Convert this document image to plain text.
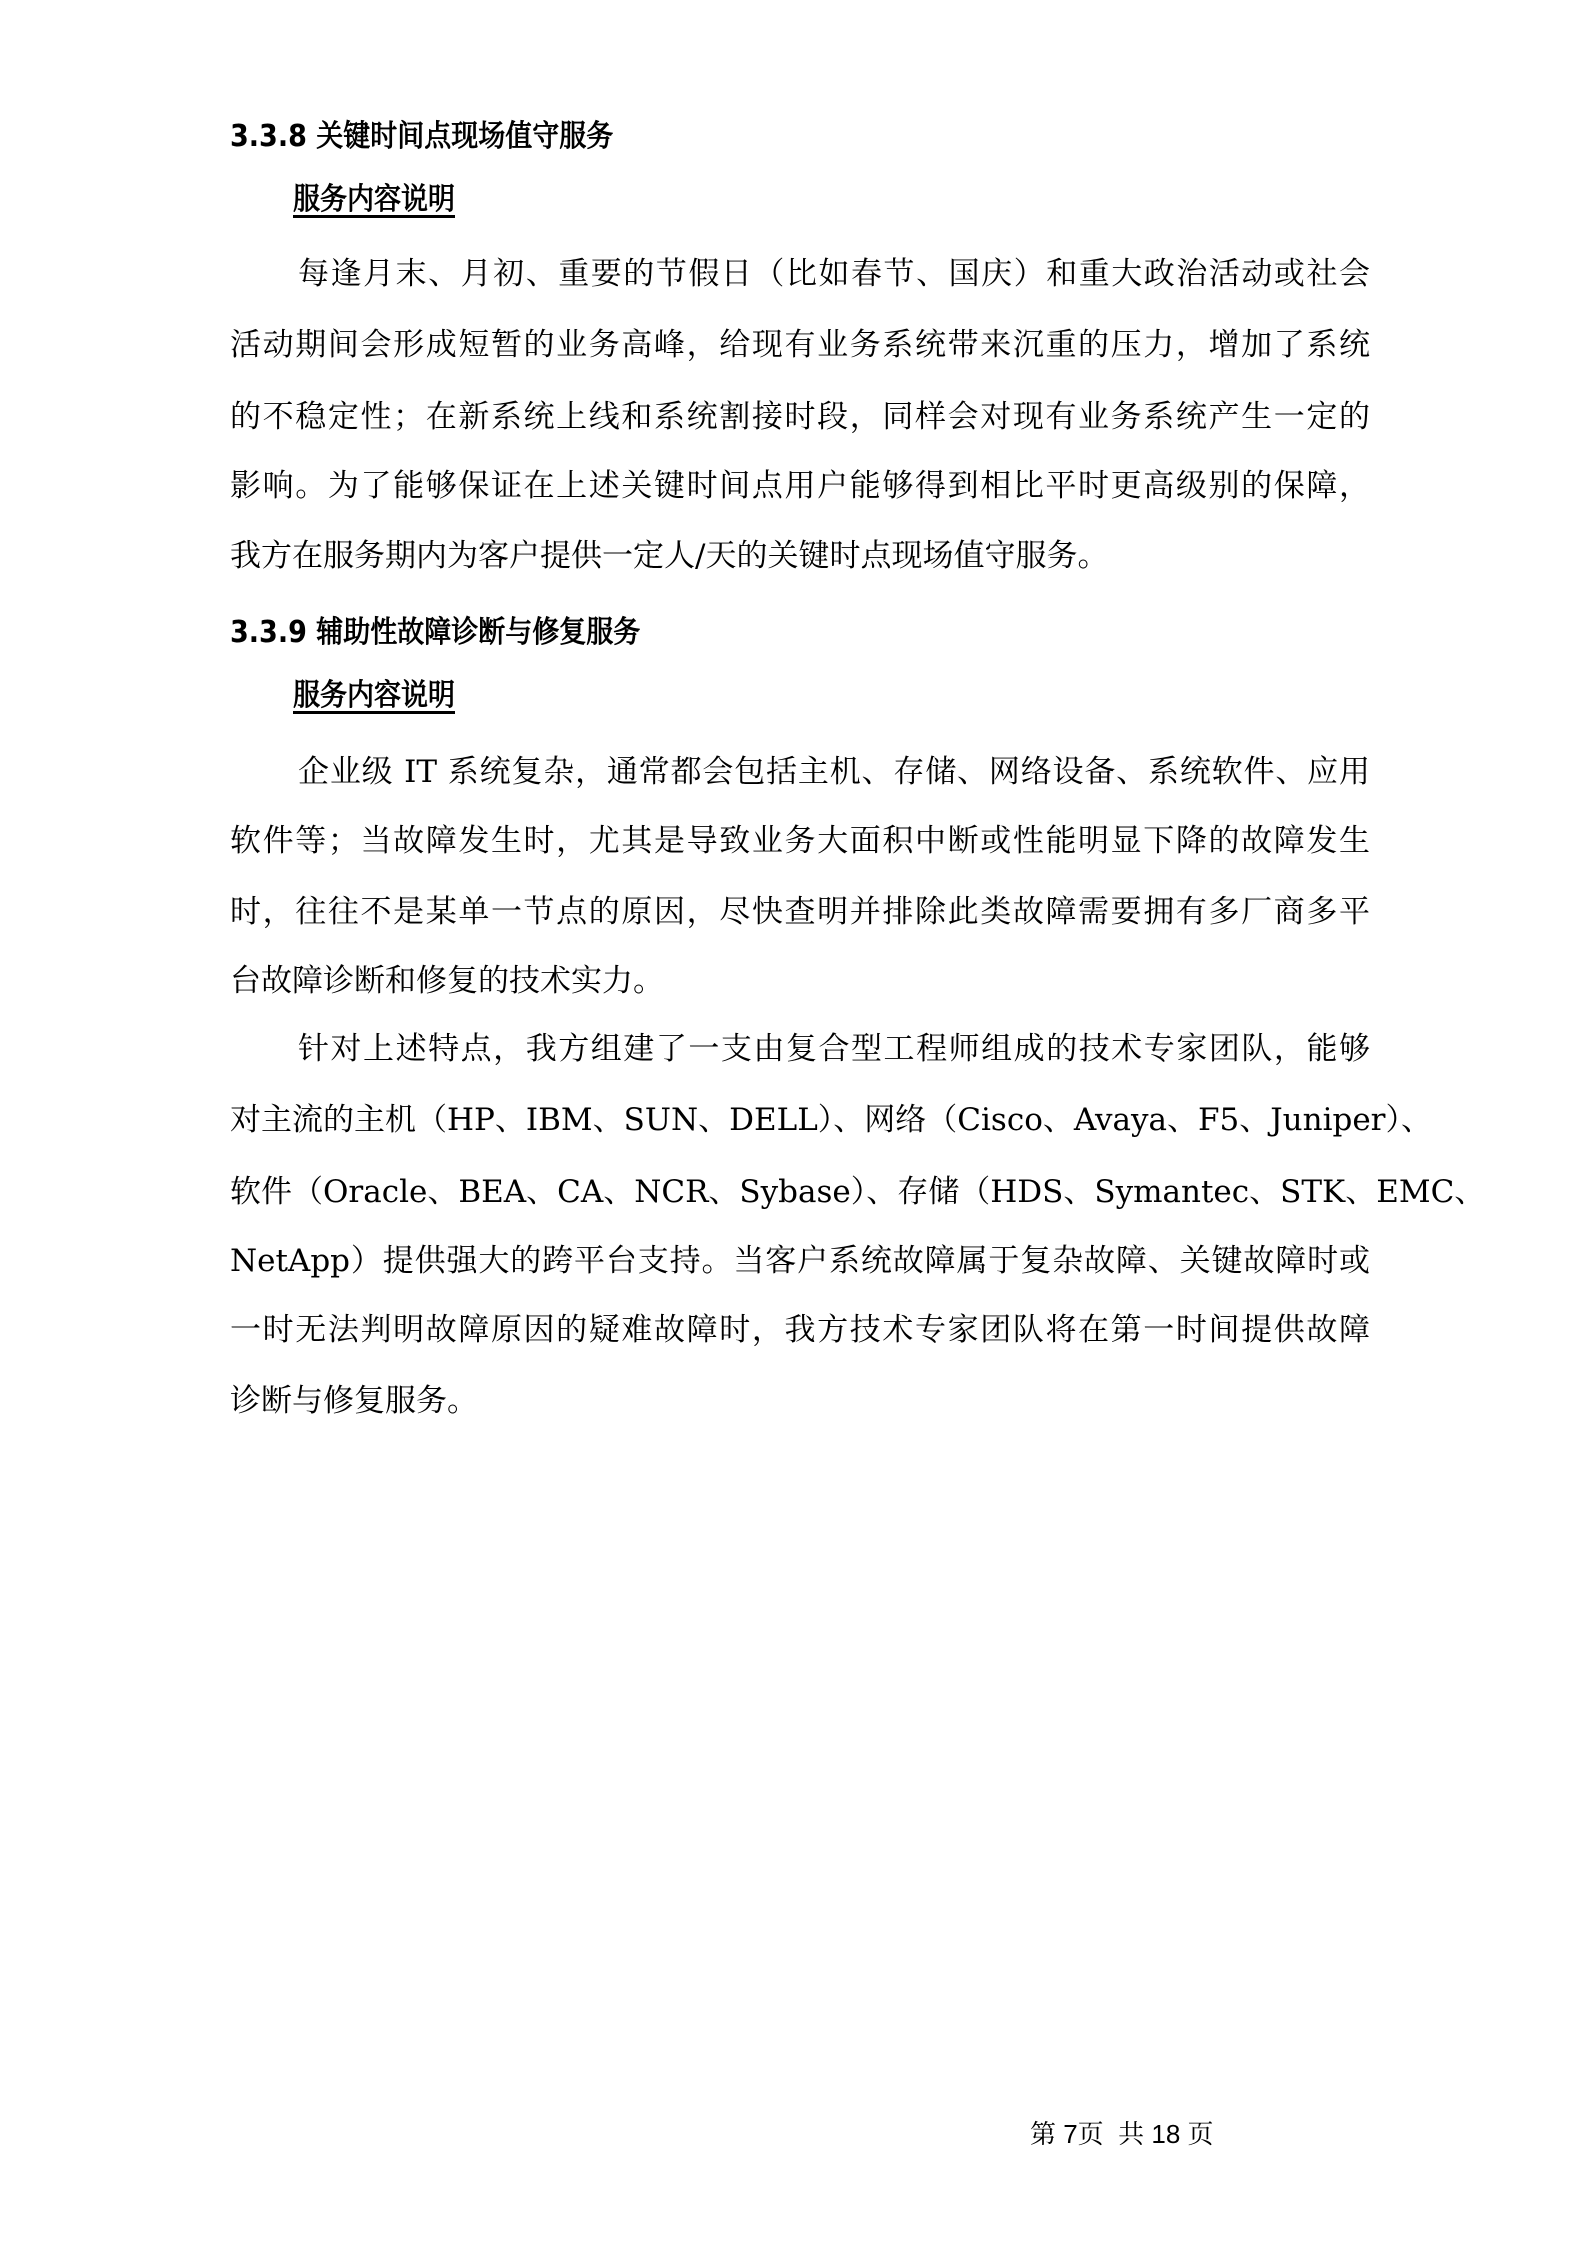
3.3.8 关键时间点现场值守服务
服务内容说明
每逢月末、月初、重要的节假日（比如春节、国庆）和重大政治活动或社会
活动期间会形成短暂的业务高峰，给现有业务系统带来沉重的压力，增加了系统
的不稳定性；在新系统上线和系统割接时段，同样会对现有业务系统产生一定的
影响。为了能够保证在上述关键时间点用户能够得到相比平时更高级别的保障，
我方在服务期内为客户提供一定人/天的关键时点现场值守服务。
3.3.9 辅助性故障诊断与修复服务
服务内容说明
企业级 IT 系统复杂，通常都会包括主机、存储、网络设备、系统软件、应用
软件等；当故障发生时，尤其是导致业务大面积中断或性能明显下降的故障发生
时，往往不是某单一节点的原因，尽快查明并排除此类故障需要拥有多厂商多平
台故障诊断和修复的技术实力。
针对上述特点，我方组建了一支由复合型工程师组成的技术专家团队，能够
对主流的主机（HP、IBM、SUN、DELL）、网络（Cisco、Avaya、F5、Juniper）、
软件（Oracle、BEA、CA、NCR、Sybase）、存储（HDS、Symantec、STK、EMC、
NetApp）提供强大的跨平台支持。当客户系统故障属于复杂故障、关键故障时或
一时无法判明故障原因的疑难故障时，我方技术专家团队将在第一时间提供故障
诊断与修复服务。
第 7页  共 18 页
